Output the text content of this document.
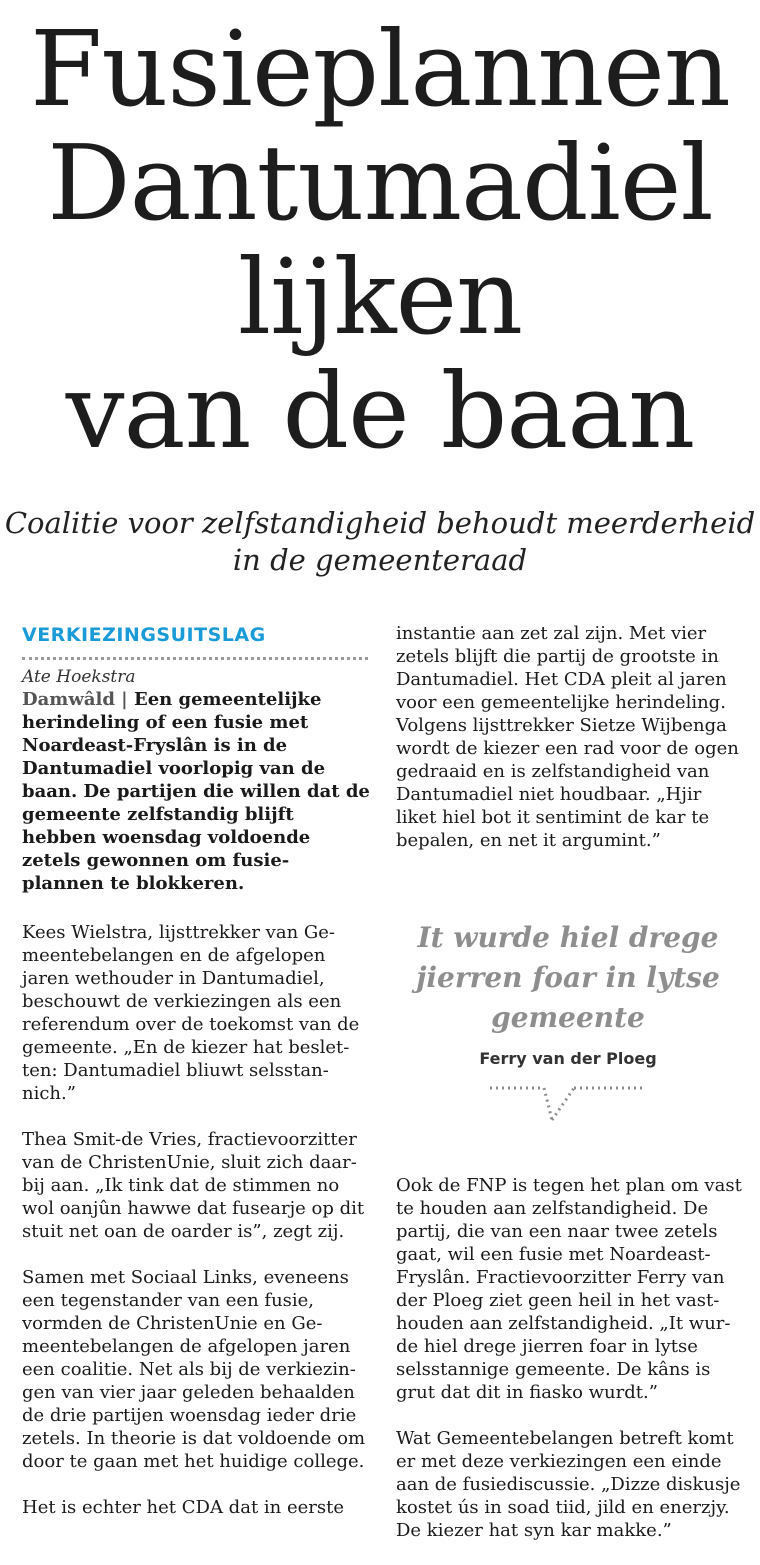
Fusieplannen
Dantumadiel
lijken
van de baan

Coalitie voor zelfstandigheid behoudt meerderheid in de gemeenteraad

VERKIEZINGSUITSLAG

Ate Hoekstra

Damwâld | Een gemeentelijke herindeling of een fusie met Noardeast-Fryslân is in de Dantumadiel voorlopig van de baan. De partijen die willen dat de gemeente zelfstandig blijft hebben woensdag voldoende zetels gewonnen om fusie-plannen te blokkeren.

Kees Wielstra, lijsttrekker van Ge-
meentebelangen en de afgelopen
jaren wethouder in Dantumadiel,
beschouwt de verkiezingen als een
referendum over de toekomst van de
gemeente. „En de kiezer hat beslet-
ten: Dantumadiel bliuwt selsstan-
nich.”

Thea Smit-de Vries, fractievoorzitter
van de ChristenUnie, sluit zich daar-
bij aan. „Ik tink dat de stimmen no
wol oanjûn hawwe dat fusearje op dit
stuit net oan de oarder is”, zegt zij.

Samen met Sociaal Links, eveneens
een tegenstander van een fusie,
vormden de ChristenUnie en Ge-
meentebelangen de afgelopen jaren
een coalitie. Net als bij de verkiezin-
gen van vier jaar geleden behaalden
de drie partijen woensdag ieder drie
zetels. In theorie is dat voldoende om
door te gaan met het huidige college.

Het is echter het CDA dat in eerste

instantie aan zet zal zijn. Met vier
zetels blijft die partij de grootste in
Dantumadiel. Het CDA pleit al jaren
voor een gemeentelijke herindeling.
Volgens lijsttrekker Sietze Wijbenga
wordt de kiezer een rad voor de ogen
gedraaid en is zelfstandigheid van
Dantumadiel niet houdbaar. „Hjir
liket hiel bot it sentimint de kar te
bepalen, en net it argumint.”

It wurde hiel drege
jierren foar in lytse
gemeente

Ferry van der Ploeg

Ook de FNP is tegen het plan om vast
te houden aan zelfstandigheid. De
partij, die van een naar twee zetels
gaat, wil een fusie met Noardeast-
Fryslân. Fractievoorzitter Ferry van
der Ploeg ziet geen heil in het vast-
houden aan zelfstandigheid. „It wur-
de hiel drege jierren foar in lytse
selsstannige gemeente. De kâns is
grut dat dit in fiasko wurdt.”

Wat Gemeentebelangen betreft komt
er met deze verkiezingen een einde
aan de fusiediscussie. „Dizze diskusje
kostet ús in soad tiid, jild en enerzjy.
De kiezer hat syn kar makke.”
